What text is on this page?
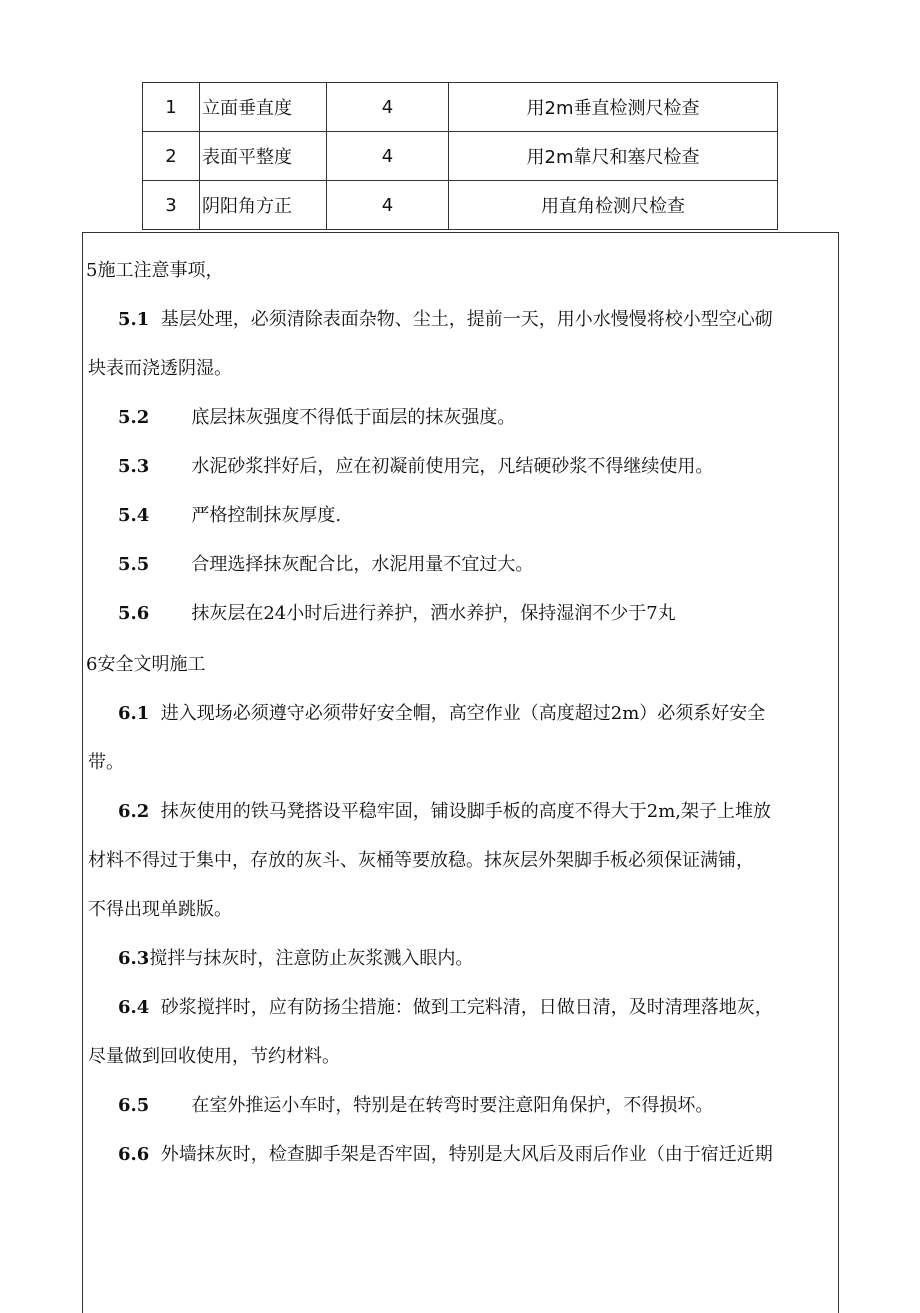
1	立面垂直度	4	用2m垂直检测尺检查
2	表面平整度	4	用2m靠尺和塞尺检查
3	阴阳角方正	4	用直角检测尺检查
5施工注意事项，
5.1 基层处理，必须清除表面杂物、尘土，提前一天，用小水慢慢将校小型空心砌
块表而浇透阴湿。
5.2 底层抹灰强度不得低于面层的抹灰强度。
5.3 水泥砂浆拌好后，应在初凝前使用完，凡结硬砂浆不得继续使用。
5.4 严格控制抹灰厚度.
5.5 合理选择抹灰配合比，水泥用量不宜过大。
5.6 抹灰层在24小时后进行养护，洒水养护，保持湿润不少于7丸
6安全文明施工
6.1 进入现场必须遵守必须带好安全帽，高空作业（高度超过2m）必须系好安全
带。
6.2 抹灰使用的铁马凳搭设平稳牢固，铺设脚手板的高度不得大于2m,架子上堆放
材料不得过于集中，存放的灰斗、灰桶等要放稳。抹灰层外架脚手板必须保证满铺，
不得出现单跳版。
6.3搅拌与抹灰时，注意防止灰浆溅入眼内。
6.4 砂浆搅拌时，应有防扬尘措施：做到工完料清，日做日清，及时清理落地灰，
尽量做到回收使用，节约材料。
6.5 在室外推运小车时，特别是在转弯时要注意阳角保护，不得损坏。
6.6 外墙抹灰时，检查脚手架是否牢固，特别是大风后及雨后作业（由于宿迁近期
